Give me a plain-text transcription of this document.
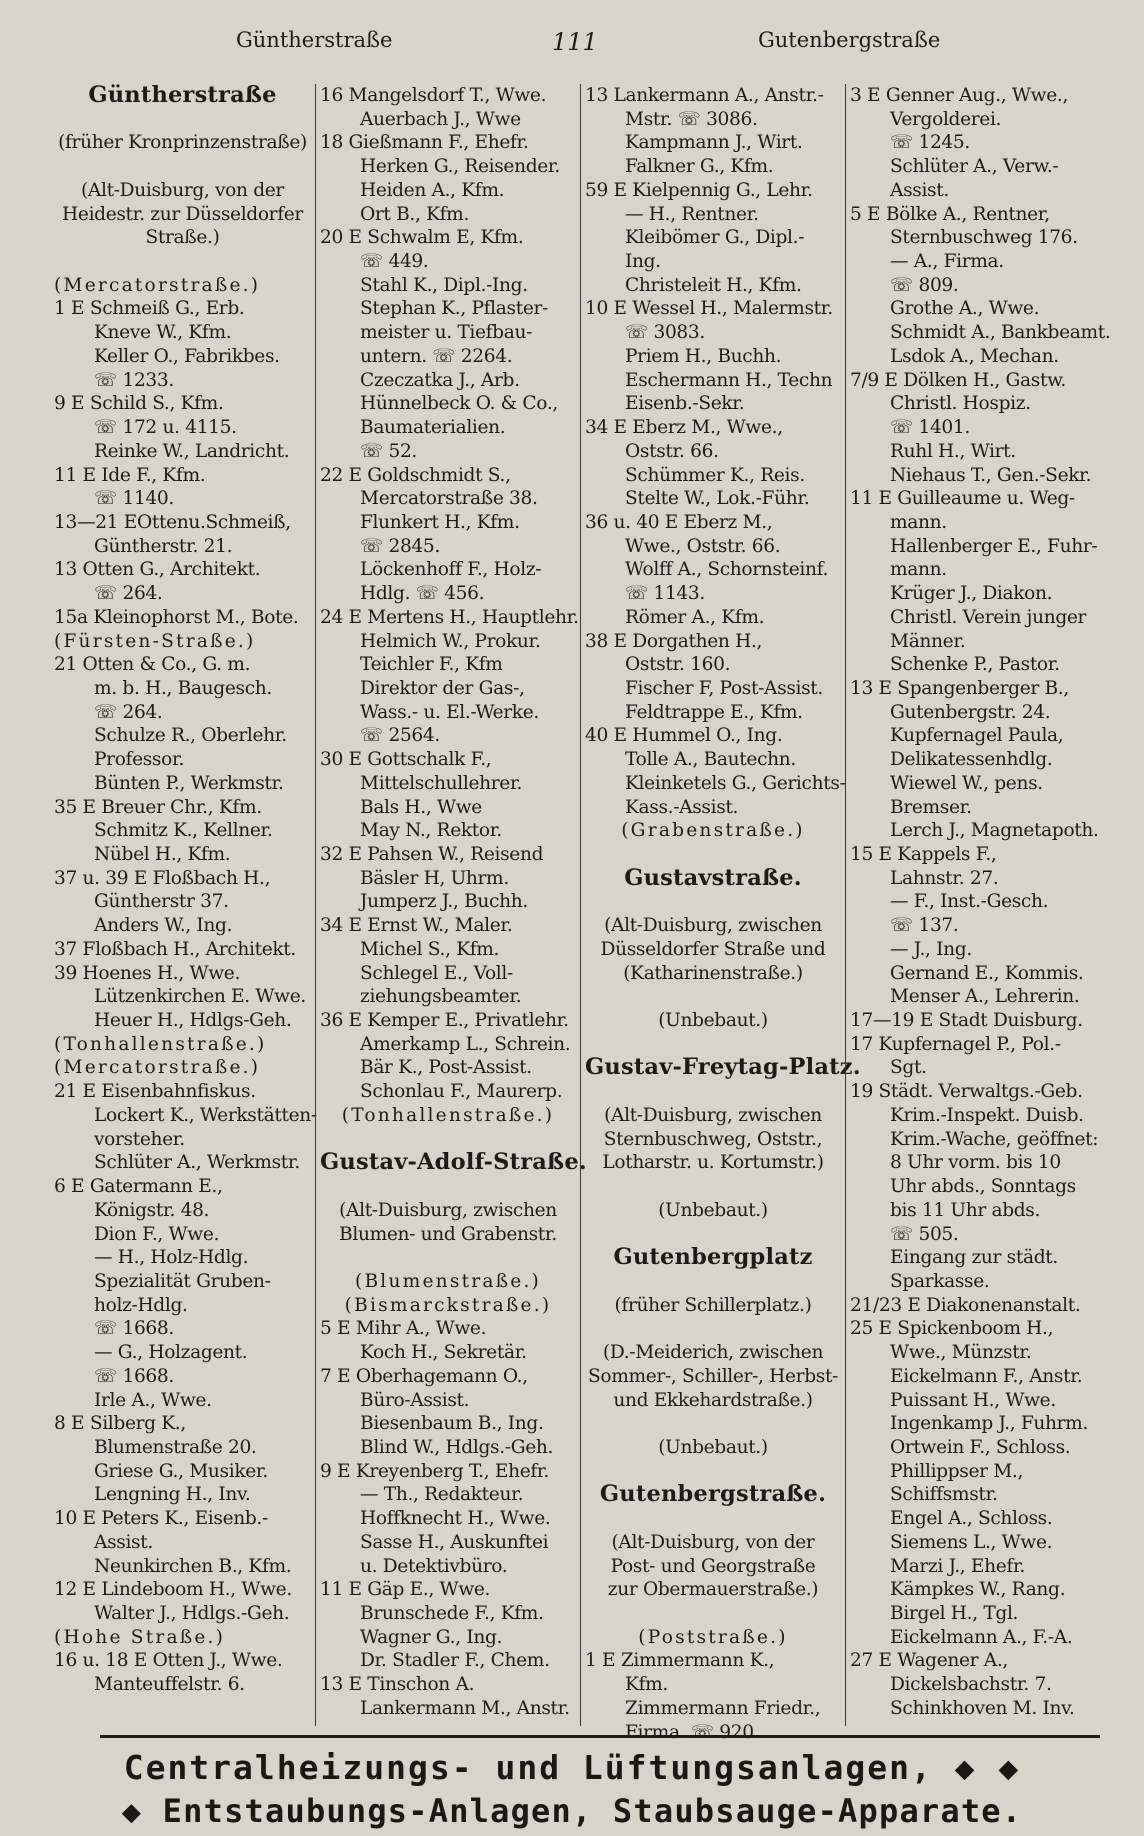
Güntherstraße	111	Gutenbergstraße
Güntherstraße
(früher Kronprinzenstraße)
(Alt-Duisburg, von der
Heidestr. zur Düsseldorfer
Straße.)
(Mercatorstraße.)
1 E Schmeiß G., Erb.
Kneve W., Kfm.
Keller O., Fabrikbes.
☏ 1233.
9 E Schild S., Kfm.
☏ 172 u. 4115.
Reinke W., Landricht.
11 E Ide F., Kfm.
☏ 1140.
13—21 EOttenu.Schmeiß,
Güntherstr. 21.
13 Otten G., Architekt.
☏ 264.
15a Kleinophorst M., Bote.
(Fürsten-Straße.)
21 Otten & Co., G. m.
m. b. H., Baugesch.
☏ 264.
Schulze R., Oberlehr.
Professor.
Bünten P., Werkmstr.
35 E Breuer Chr., Kfm.
Schmitz K., Kellner.
Nübel H., Kfm.
37 u. 39 E Floßbach H.,
Güntherstr 37.
Anders W., Ing.
37 Floßbach H., Architekt.
39 Hoenes H., Wwe.
Lützenkirchen E. Wwe.
Heuer H., Hdlgs-Geh.
(Tonhallenstraße.)
(Mercatorstraße.)
21 E Eisenbahnfiskus.
Lockert K., Werkstätten-
vorsteher.
Schlüter A., Werkmstr.
6 E Gatermann E.,
Königstr. 48.
Dion F., Wwe.
— H., Holz-Hdlg.
Spezialität Gruben-
holz-Hdlg.
☏ 1668.
— G., Holzagent.
☏ 1668.
Irle A., Wwe.
8 E Silberg K.,
Blumenstraße 20.
Griese G., Musiker.
Lengning H., Inv.
10 E Peters K., Eisenb.-
Assist.
Neunkirchen B., Kfm.
12 E Lindeboom H., Wwe.
Walter J., Hdlgs.-Geh.
(Hohe Straße.)
16 u. 18 E Otten J., Wwe.
Manteuffelstr. 6.
16 Mangelsdorf T., Wwe.
Auerbach J., Wwe
18 Gießmann F., Ehefr.
Herken G., Reisender.
Heiden A., Kfm.
Ort B., Kfm.
20 E Schwalm E, Kfm.
☏ 449.
Stahl K., Dipl.-Ing.
Stephan K., Pflaster-
meister u. Tiefbau-
untern. ☏ 2264.
Czeczatka J., Arb.
Hünnelbeck O. & Co.,
Baumaterialien.
☏ 52.
22 E Goldschmidt S.,
Mercatorstraße 38.
Flunkert H., Kfm.
☏ 2845.
Löckenhoff F., Holz-
Hdlg. ☏ 456.
24 E Mertens H., Hauptlehr.
Helmich W., Prokur.
Teichler F., Kfm
Direktor der Gas-,
Wass.- u. El.-Werke.
☏ 2564.
30 E Gottschalk F.,
Mittelschullehrer.
Bals H., Wwe
May N., Rektor.
32 E Pahsen W., Reisend
Bäsler H, Uhrm.
Jumperz J., Buchh.
34 E Ernst W., Maler.
Michel S., Kfm.
Schlegel E., Voll-
ziehungsbeamter.
36 E Kemper E., Privatlehr.
Amerkamp L., Schrein.
Bär K., Post-Assist.
Schonlau F., Maurerp.
(Tonhallenstraße.)
Gustav-Adolf-Straße.
(Alt-Duisburg, zwischen
Blumen- und Grabenstr.
(Blumenstraße.)
(Bismarckstraße.)
5 E Mihr A., Wwe.
Koch H., Sekretär.
7 E Oberhagemann O.,
Büro-Assist.
Biesenbaum B., Ing.
Blind W., Hdlgs.-Geh.
9 E Kreyenberg T., Ehefr.
— Th., Redakteur.
Hoffknecht H., Wwe.
Sasse H., Auskunftei
u. Detektivbüro.
11 E Gäp E., Wwe.
Brunschede F., Kfm.
Wagner G., Ing.
Dr. Stadler F., Chem.
13 E Tinschon A.
Lankermann M., Anstr.
13 Lankermann A., Anstr.-
Mstr. ☏ 3086.
Kampmann J., Wirt.
Falkner G., Kfm.
59 E Kielpennig G., Lehr.
— H., Rentner.
Kleibömer G., Dipl.-
Ing.
Christeleit H., Kfm.
10 E Wessel H., Malermstr.
☏ 3083.
Priem H., Buchh.
Eschermann H., Techn
Eisenb.-Sekr.
34 E Eberz M., Wwe.,
Oststr. 66.
Schümmer K., Reis.
Stelte W., Lok.-Führ.
36 u. 40 E Eberz M.,
Wwe., Oststr. 66.
Wolff A., Schornsteinf.
☏ 1143.
Römer A., Kfm.
38 E Dorgathen H.,
Oststr. 160.
Fischer F, Post-Assist.
Feldtrappe E., Kfm.
40 E Hummel O., Ing.
Tolle A., Bautechn.
Kleinketels G., Gerichts-
Kass.-Assist.
(Grabenstraße.)
Gustavstraße.
(Alt-Duisburg, zwischen
Düsseldorfer Straße und
(Katharinenstraße.)
(Unbebaut.)
Gustav-Freytag-Platz.
(Alt-Duisburg, zwischen
Sternbuschweg, Oststr.,
Lotharstr. u. Kortumstr.)
(Unbebaut.)
Gutenbergplatz
(früher Schillerplatz.)
(D.-Meiderich, zwischen
Sommer-, Schiller-, Herbst-
und Ekkehardstraße.)
(Unbebaut.)
Gutenbergstraße.
(Alt-Duisburg, von der
Post- und Georgstraße
zur Obermauerstraße.)
(Poststraße.)
1 E Zimmermann K.,
Kfm.
Zimmermann Friedr.,
Firma. ☏ 920.
3 E Genner Aug., Wwe.,
Vergolderei.
☏ 1245.
Schlüter A., Verw.-
Assist.
5 E Bölke A., Rentner,
Sternbuschweg 176.
— A., Firma.
☏ 809.
Grothe A., Wwe.
Schmidt A., Bankbeamt.
Lsdok A., Mechan.
7/9 E Dölken H., Gastw.
Christl. Hospiz.
☏ 1401.
Ruhl H., Wirt.
Niehaus T., Gen.-Sekr.
11 E Guilleaume u. Weg-
mann.
Hallenberger E., Fuhr-
mann.
Krüger J., Diakon.
Christl. Verein junger
Männer.
Schenke P., Pastor.
13 E Spangenberger B.,
Gutenbergstr. 24.
Kupfernagel Paula,
Delikatessenhdlg.
Wiewel W., pens.
Bremser.
Lerch J., Magnetapoth.
15 E Kappels F.,
Lahnstr. 27.
— F., Inst.-Gesch.
☏ 137.
— J., Ing.
Gernand E., Kommis.
Menser A., Lehrerin.
17—19 E Stadt Duisburg.
17 Kupfernagel P., Pol.-
Sgt.
19 Städt. Verwaltgs.-Geb.
Krim.-Inspekt. Duisb.
Krim.-Wache, geöffnet:
8 Uhr vorm. bis 10
Uhr abds., Sonntags
bis 11 Uhr abds.
☏ 505.
Eingang zur städt.
Sparkasse.
21/23 E Diakonenanstalt.
25 E Spickenboom H.,
Wwe., Münzstr.
Eickelmann F., Anstr.
Puissant H., Wwe.
Ingenkamp J., Fuhrm.
Ortwein F., Schloss.
Phillippser M.,
Schiffsmstr.
Engel A., Schloss.
Siemens L., Wwe.
Marzi J., Ehefr.
Kämpkes W., Rang.
Birgel H., Tgl.
Eickelmann A., F.-A.
27 E Wagener A.,
Dickelsbachstr. 7.
Schinkhoven M. Inv.
Centralheizungs- und Lüftungsanlagen, ◆ ◆
◆ Entstaubungs-Anlagen, Staubsauge-Apparate.
